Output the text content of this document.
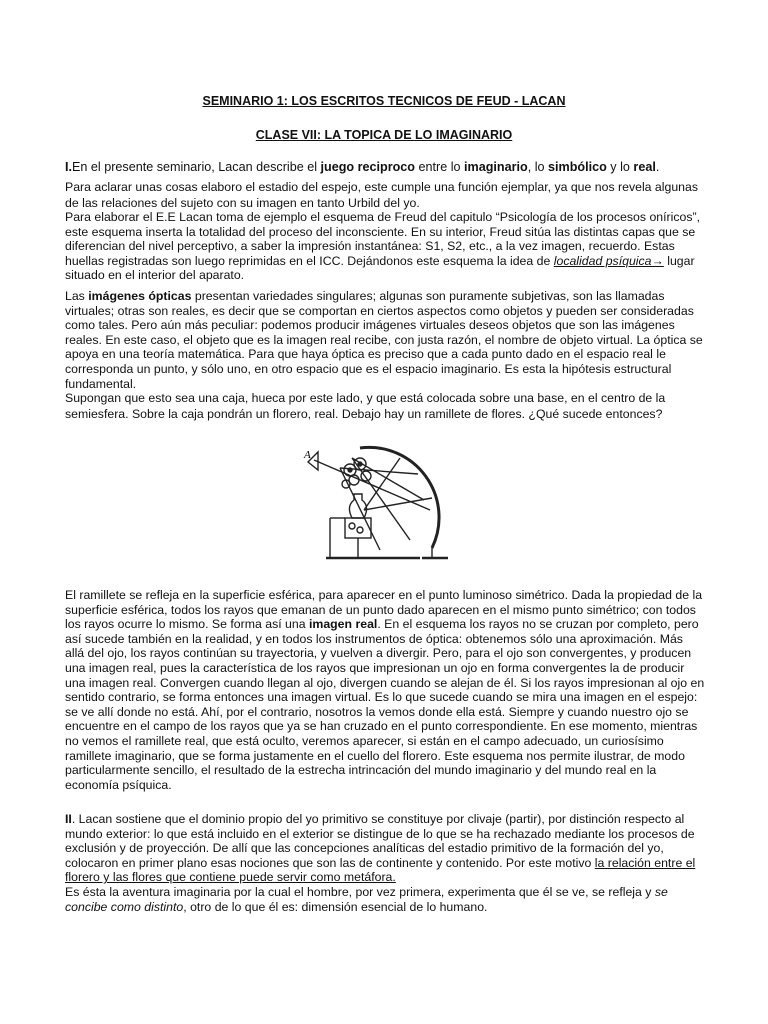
SEMINARIO 1: LOS ESCRITOS TECNICOS DE FEUD - LACAN
CLASE VII: LA TOPICA DE LO IMAGINARIO

I.En el presente seminario, Lacan describe el juego reciproco entre lo imaginario, lo simbólico y lo real.

Para aclarar unas cosas elaboro el estadio del espejo, este cumple una función ejemplar, ya que nos revela algunas de las relaciones del sujeto con su imagen en tanto Urbild del yo.

Para elaborar el E.E Lacan toma de ejemplo el esquema de Freud del capitulo “Psicología de los procesos oníricos”, este esquema inserta la totalidad del proceso del inconsciente. En su interior, Freud sitúa las distintas capas que se diferencian del nivel perceptivo, a saber la impresión instantánea: S1, S2, etc., a la vez imagen, recuerdo. Estas huellas registradas son luego reprimidas en el ICC. Dejándonos este esquema la idea de localidad psíquica→ lugar situado en el interior del aparato.

Las imágenes ópticas presentan variedades singulares; algunas son puramente subjetivas, son las llamadas virtuales; otras son reales, es decir que se comportan en ciertos aspectos como objetos y pueden ser consideradas como tales. Pero aún más peculiar: podemos producir imágenes virtuales deseos objetos que son las imágenes reales. En este caso, el objeto que es la imagen real recibe, con justa razón, el nombre de objeto virtual. La óptica se apoya en una teoría matemática. Para que haya óptica es preciso que a cada punto dado en el espacio real le corresponda un punto, y sólo uno, en otro espacio que es el espacio imaginario. Es esta la hipótesis estructural fundamental.

Supongan que esto sea una caja, hueca por este lado, y que está colocada sobre una base, en el centro de la semiesfera. Sobre la caja pondrán un florero, real. Debajo hay un ramillete de flores. ¿Qué sucede entonces?

A

El ramillete se refleja en la superficie esférica, para aparecer en el punto luminoso simétrico. Dada la propiedad de la superficie esférica, todos los rayos que emanan de un punto dado aparecen en el mismo punto simétrico; con todos los rayos ocurre lo mismo. Se forma así una imagen real. En el esquema los rayos no se cruzan por completo, pero así sucede también en la realidad, y en todos los instrumentos de óptica: obtenemos sólo una aproximación. Más allá del ojo, los rayos continúan su trayectoria, y vuelven a divergir. Pero, para el ojo son convergentes, y producen una imagen real, pues la característica de los rayos que impresionan un ojo en forma convergentes la de producir una imagen real. Convergen cuando llegan al ojo, divergen cuando se alejan de él. Si los rayos impresionan al ojo en sentido contrario, se forma entonces una imagen virtual. Es lo que sucede cuando se mira una imagen en el espejo: se ve allí donde no está. Ahí, por el contrario, nosotros la vemos donde ella está. Siempre y cuando nuestro ojo se encuentre en el campo de los rayos que ya se han cruzado en el punto correspondiente. En ese momento, mientras no vemos el ramillete real, que está oculto, veremos aparecer, si están en el campo adecuado, un curiosísimo ramillete imaginario, que se forma justamente en el cuello del florero. Este esquema nos permite ilustrar, de modo particularmente sencillo, el resultado de la estrecha intrincación del mundo imaginario y del mundo real en la economía psíquica.

II. Lacan sostiene que el dominio propio del yo primitivo se constituye por clivaje (partir), por distinción respecto al mundo exterior: lo que está incluido en el exterior se distingue de lo que se ha rechazado mediante los procesos de exclusión y de proyección. De allí que las concepciones analíticas del estadio primitivo de la formación del yo, colocaron en primer plano esas nociones que son las de continente y contenido. Por este motivo la relación entre el florero y las flores que contiene puede servir como metáfora.

Es ésta la aventura imaginaria por la cual el hombre, por vez primera, experimenta que él se ve, se refleja y se concibe como distinto, otro de lo que él es: dimensión esencial de lo humano.
